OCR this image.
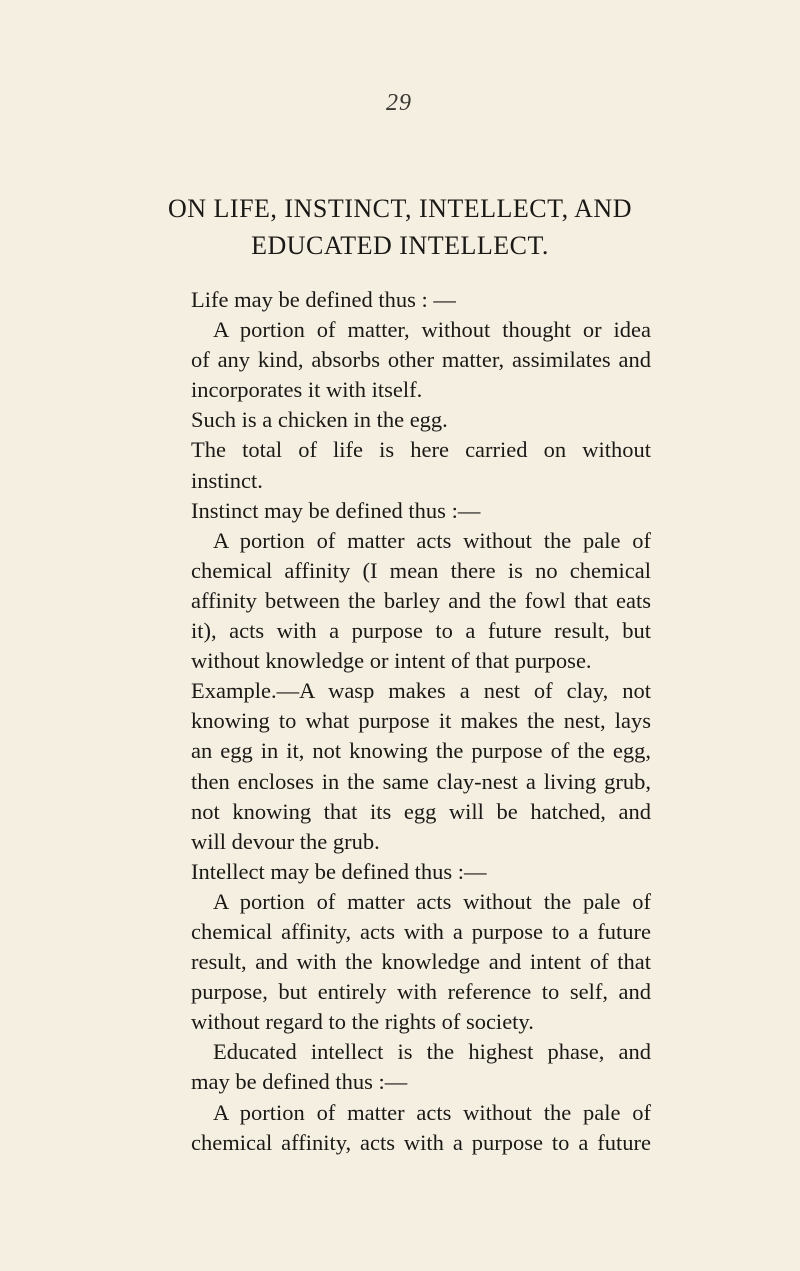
29
ON LIFE, INSTINCT, INTELLECT, AND
EDUCATED INTELLECT.
Life may be defined thus : —
A portion of matter, without thought or idea
of any kind, absorbs other matter, assimilates and
incorporates it with itself.
Such is a chicken in the egg.
The total of life is here carried on without
instinct.
Instinct may be defined thus :—
A portion of matter acts without the pale of
chemical affinity (I mean there is no chemical
affinity between the barley and the fowl that eats
it), acts with a purpose to a future result, but
without knowledge or intent of that purpose.
Example.—A wasp makes a nest of clay, not
knowing to what purpose it makes the nest, lays
an egg in it, not knowing the purpose of the egg,
then encloses in the same clay-nest a living grub,
not knowing that its egg will be hatched, and
will devour the grub.
Intellect may be defined thus :—
A portion of matter acts without the pale of
chemical affinity, acts with a purpose to a future
result, and with the knowledge and intent of that
purpose, but entirely with reference to self, and
without regard to the rights of society.
Educated intellect is the highest phase, and
may be defined thus :—
A portion of matter acts without the pale of
chemical affinity, acts with a purpose to a future
